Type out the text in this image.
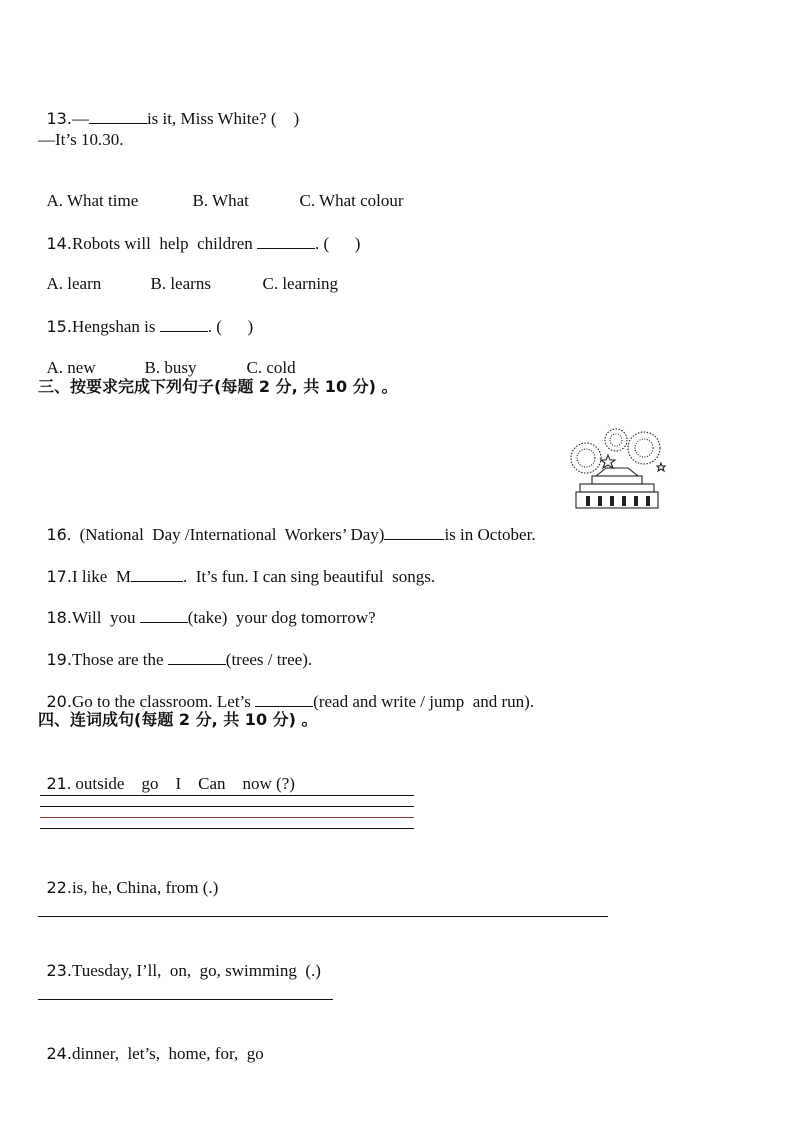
13.—	is it, Miss White? (    )

—It’s 10.30.

A. What time	B. What	C. What colour

14.Robots will  help  children	. (      )

A. learn	B. learns	C. learning

15.Hengshan is	. (      )

A. new	B. busy	C. cold

三、按要求完成下列句子(每题 2 分, 共 10 分) 。

16.  (National  Day /International  Workers’ Day)	is in October.

17.I like  M	.  It’s fun. I can sing beautiful  songs.

18.Will  you	(take)  your dog tomorrow?

19.Those are the	(trees / tree).

20.Go to the classroom. Let’s	(read and write / jump  and run).

四、连词成句(每题 2 分, 共 10 分) 。

21. outside    go    I    Can    now (?)

22.is, he, China, from (.)

23.Tuesday, I’ll,  on,  go, swimming  (.)

24.dinner,  let’s,  home, for,  go
